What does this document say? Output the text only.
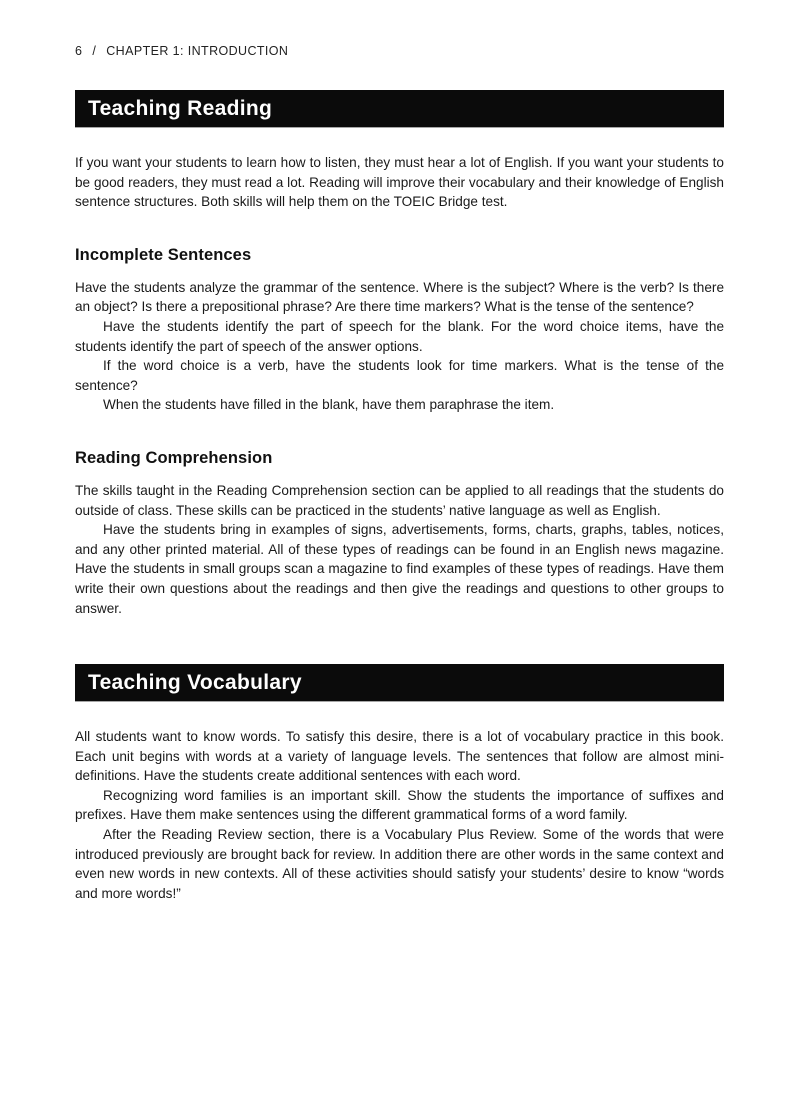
6 / CHAPTER 1: INTRODUCTION
Teaching Reading

If you want your students to learn how to listen, they must hear a lot of English. If you want your students to be good readers, they must read a lot. Reading will improve their vocabulary and their knowledge of English sentence structures. Both skills will help them on the TOEIC Bridge test.

Incomplete Sentences

Have the students analyze the grammar of the sentence. Where is the subject? Where is the verb? Is there an object? Is there a prepositional phrase? Are there time markers? What is the tense of the sentence?

Have the students identify the part of speech for the blank. For the word choice items, have the students identify the part of speech of the answer options.

If the word choice is a verb, have the students look for time markers. What is the tense of the sentence?

When the students have filled in the blank, have them paraphrase the item.

Reading Comprehension

The skills taught in the Reading Comprehension section can be applied to all readings that the students do outside of class. These skills can be practiced in the students’ native language as well as English.

Have the students bring in examples of signs, advertisements, forms, charts, graphs, tables, notices, and any other printed material. All of these types of readings can be found in an English news magazine. Have the students in small groups scan a magazine to find examples of these types of readings. Have them write their own questions about the readings and then give the readings and questions to other groups to answer.

Teaching Vocabulary

All students want to know words. To satisfy this desire, there is a lot of vocabulary practice in this book. Each unit begins with words at a variety of language levels. The sentences that follow are almost mini-definitions. Have the students create additional sentences with each word.

Recognizing word families is an important skill. Show the students the importance of suffixes and prefixes. Have them make sentences using the different grammatical forms of a word family.

After the Reading Review section, there is a Vocabulary Plus Review. Some of the words that were introduced previously are brought back for review. In addition there are other words in the same context and even new words in new contexts. All of these activities should satisfy your students’ desire to know “words and more words!”
